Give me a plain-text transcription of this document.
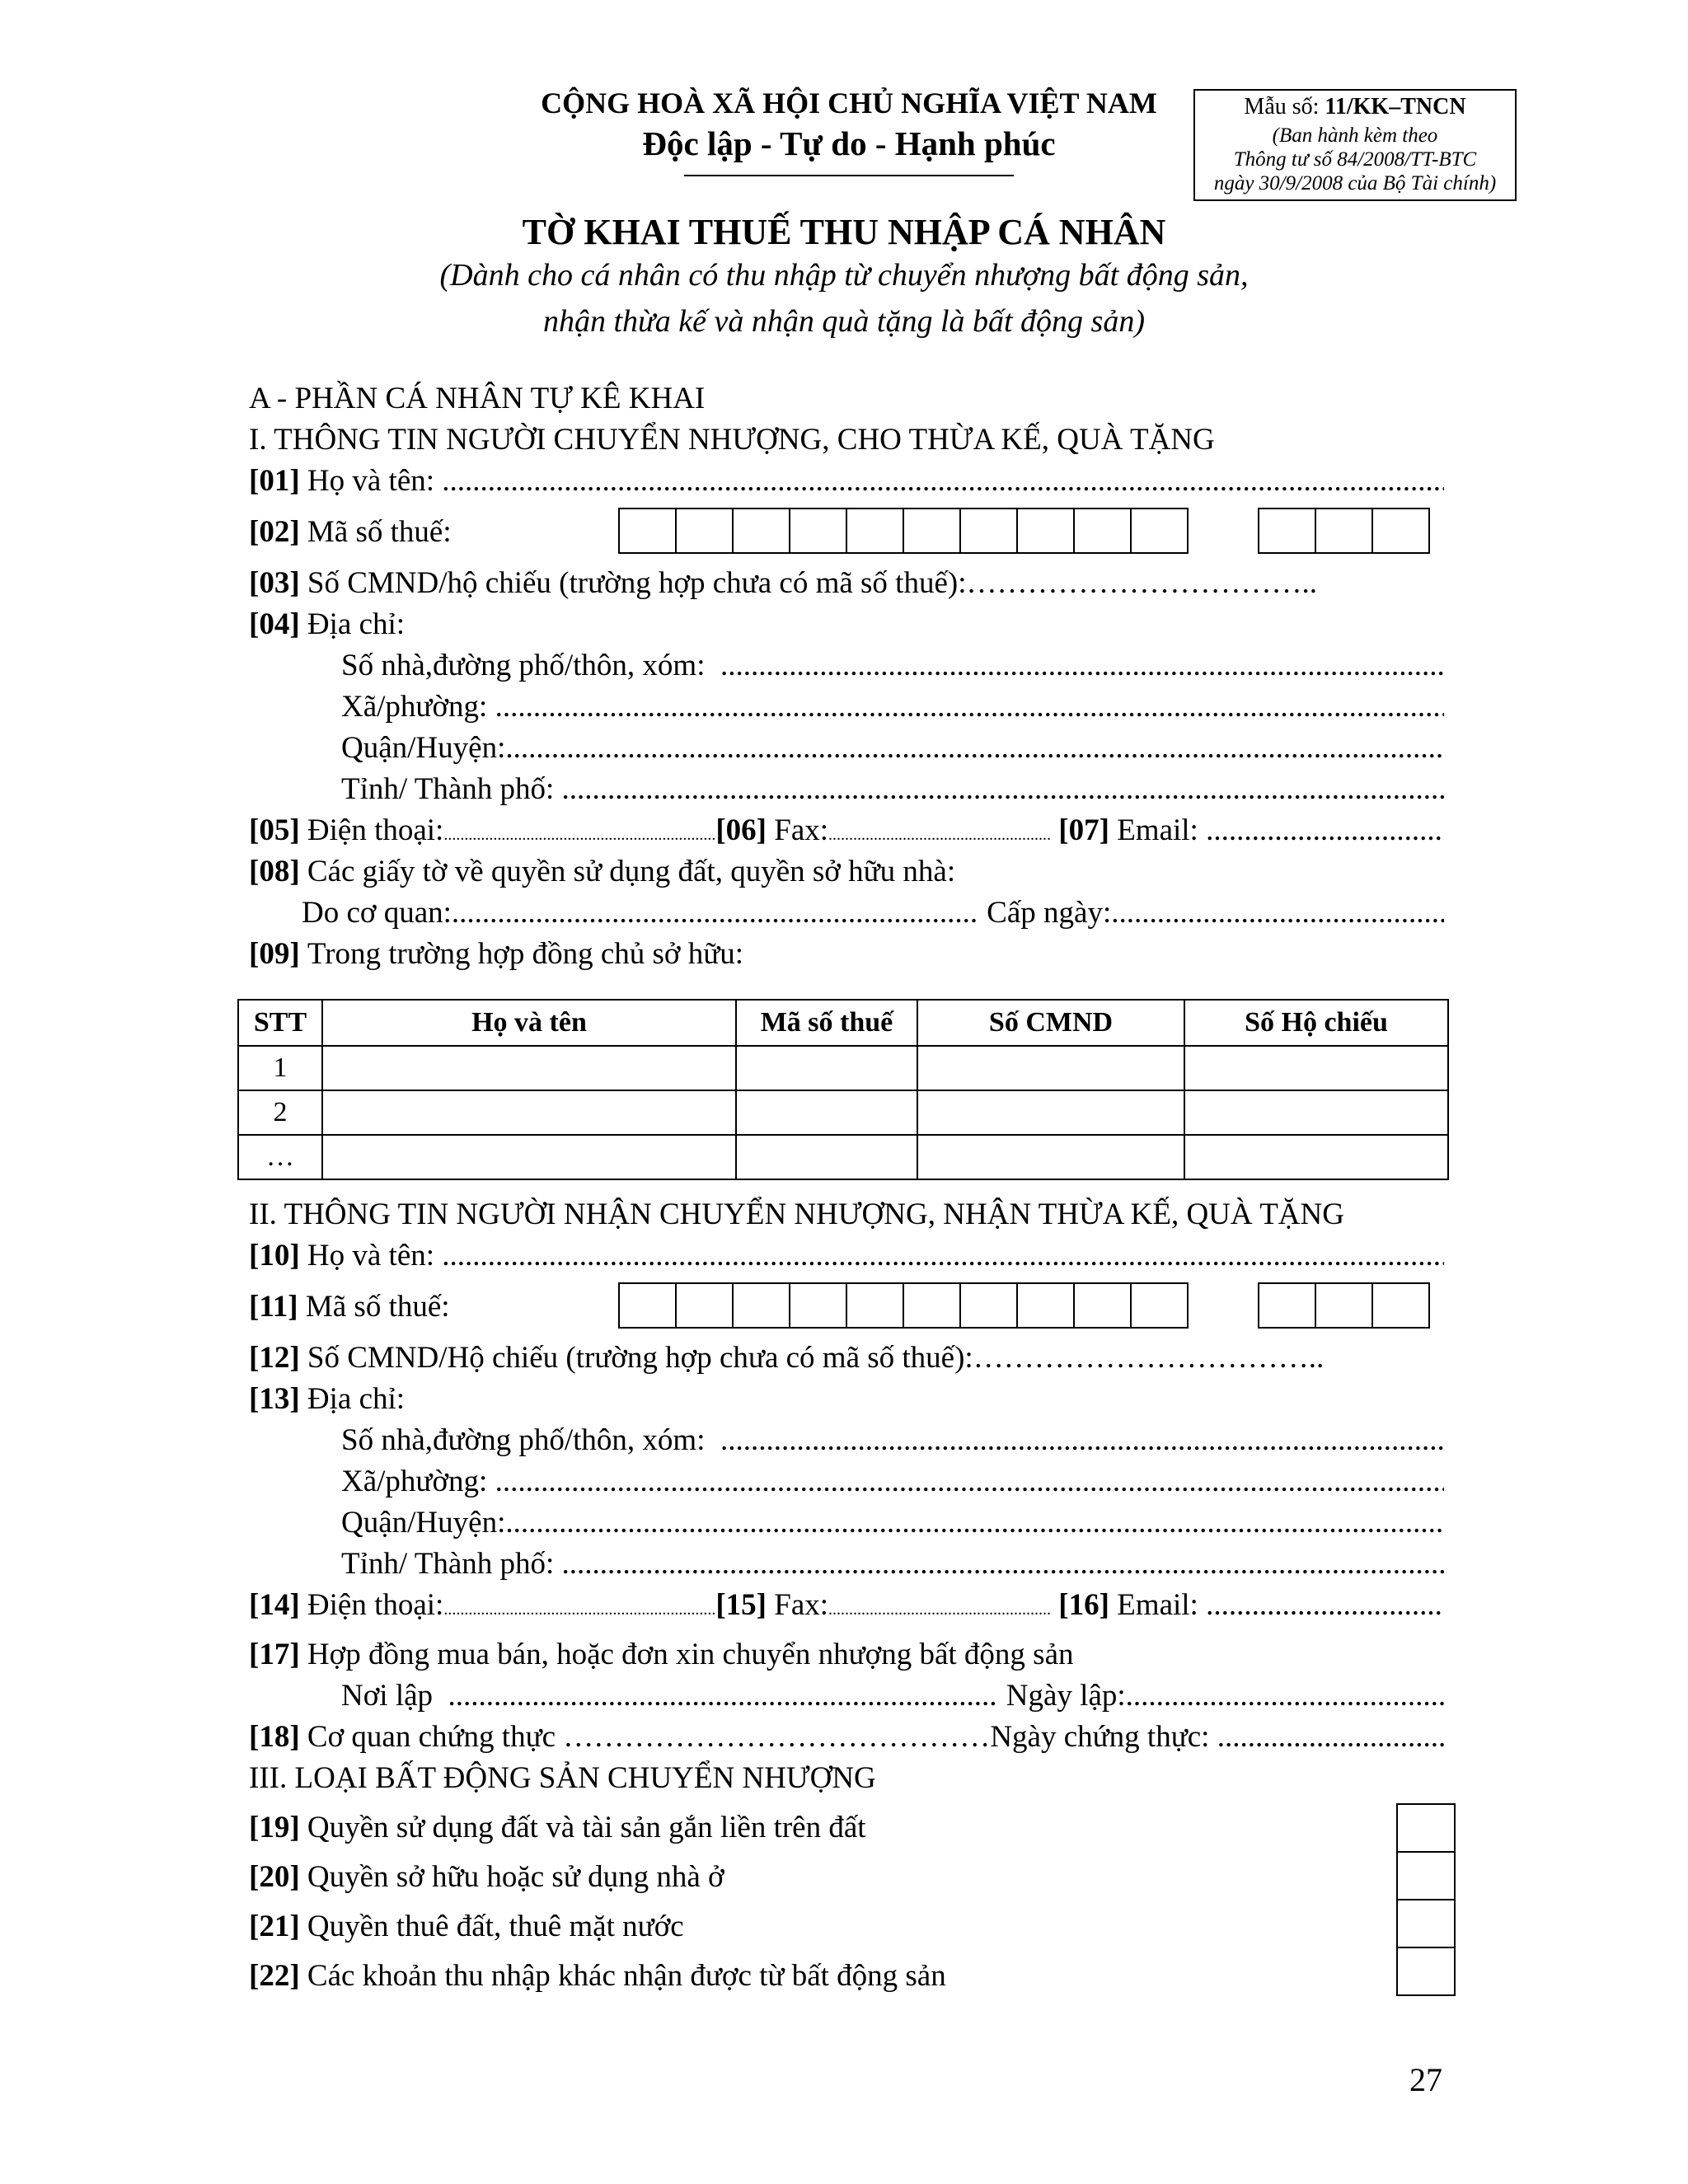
CỘNG HOÀ XÃ HỘI CHỦ NGHĨA VIỆT NAM
Độc lập - Tự do - Hạnh phúc
Mẫu số: 11/KK–TNCN
(Ban hành kèm theo
Thông tư số 84/2008/TT-BTC
ngày 30/9/2008 của Bộ Tài chính)
TỜ KHAI THUẾ THU NHẬP CÁ NHÂN
(Dành cho cá nhân có thu nhập từ chuyển nhượng bất động sản,
nhận thừa kế và nhận quà tặng là bất động sản)
A - PHẦN CÁ NHÂN TỰ KÊ KHAI
I. THÔNG TIN NGƯỜI CHUYỂN NHƯỢNG, CHO THỪA KẾ, QUÀ TẶNG
[01]
Họ và tên:

.....
[02]
Mã số thuế:
[03]
Số CMND/hộ chiếu (trường hợp chưa có mã số thuế):……………………………..
[04]
Địa chỉ:
Số nhà,đường phố/thôn, xóm:

.....
Xã/phường:

.....
Quận/Huyện:
.....
Tỉnh/ Thành phố:

.....
[05]
Điện thoại: .....	[06]
Fax: .....
	[07]
Email:

.....
[08]
Các giấy tờ về quyền sử dụng đất, quyền sở hữu nhà:
Do cơ quan: .....
	Cấp ngày:
.....
[09]
Trong trường hợp đồng chủ sở hữu:
STT	Họ và tên	Mã số thuế	Số CMND	Số Hộ chiếu
1				
2				
…				
II. THÔNG TIN NGƯỜI NHẬN CHUYỂN NHƯỢNG, NHẬN THỪA KẾ, QUÀ TẶNG
[10]
Họ và tên:

.....
[11]
Mã số thuế:
[12]
Số CMND/Hộ chiếu (trường hợp chưa có mã số thuế):……………………………..
[13]
Địa chỉ:
Số nhà,đường phố/thôn, xóm:

.....
Xã/phường:

.....
Quận/Huyện:
.....
Tỉnh/ Thành phố:

.....
[14]
Điện thoại: .....	[15]
Fax: .....
	[16]
Email:

.....
[17]
Hợp đồng mua bán, hoặc đơn xin chuyển nhượng bất động sản
Nơi lập
.....
	Ngày lập:
.....
[18]
Cơ quan chứng thực …………………………………… Ngày chứng thực:

.....
III. LOẠI BẤT ĐỘNG SẢN CHUYỂN NHƯỢNG
[19]
Quyền sử dụng đất và tài sản gắn liền trên đất
[20]
Quyền sở hữu hoặc sử dụng nhà ở
[21]
Quyền thuê đất, thuê mặt nước
[22]
Các khoản thu nhập khác nhận được từ bất động sản
27
